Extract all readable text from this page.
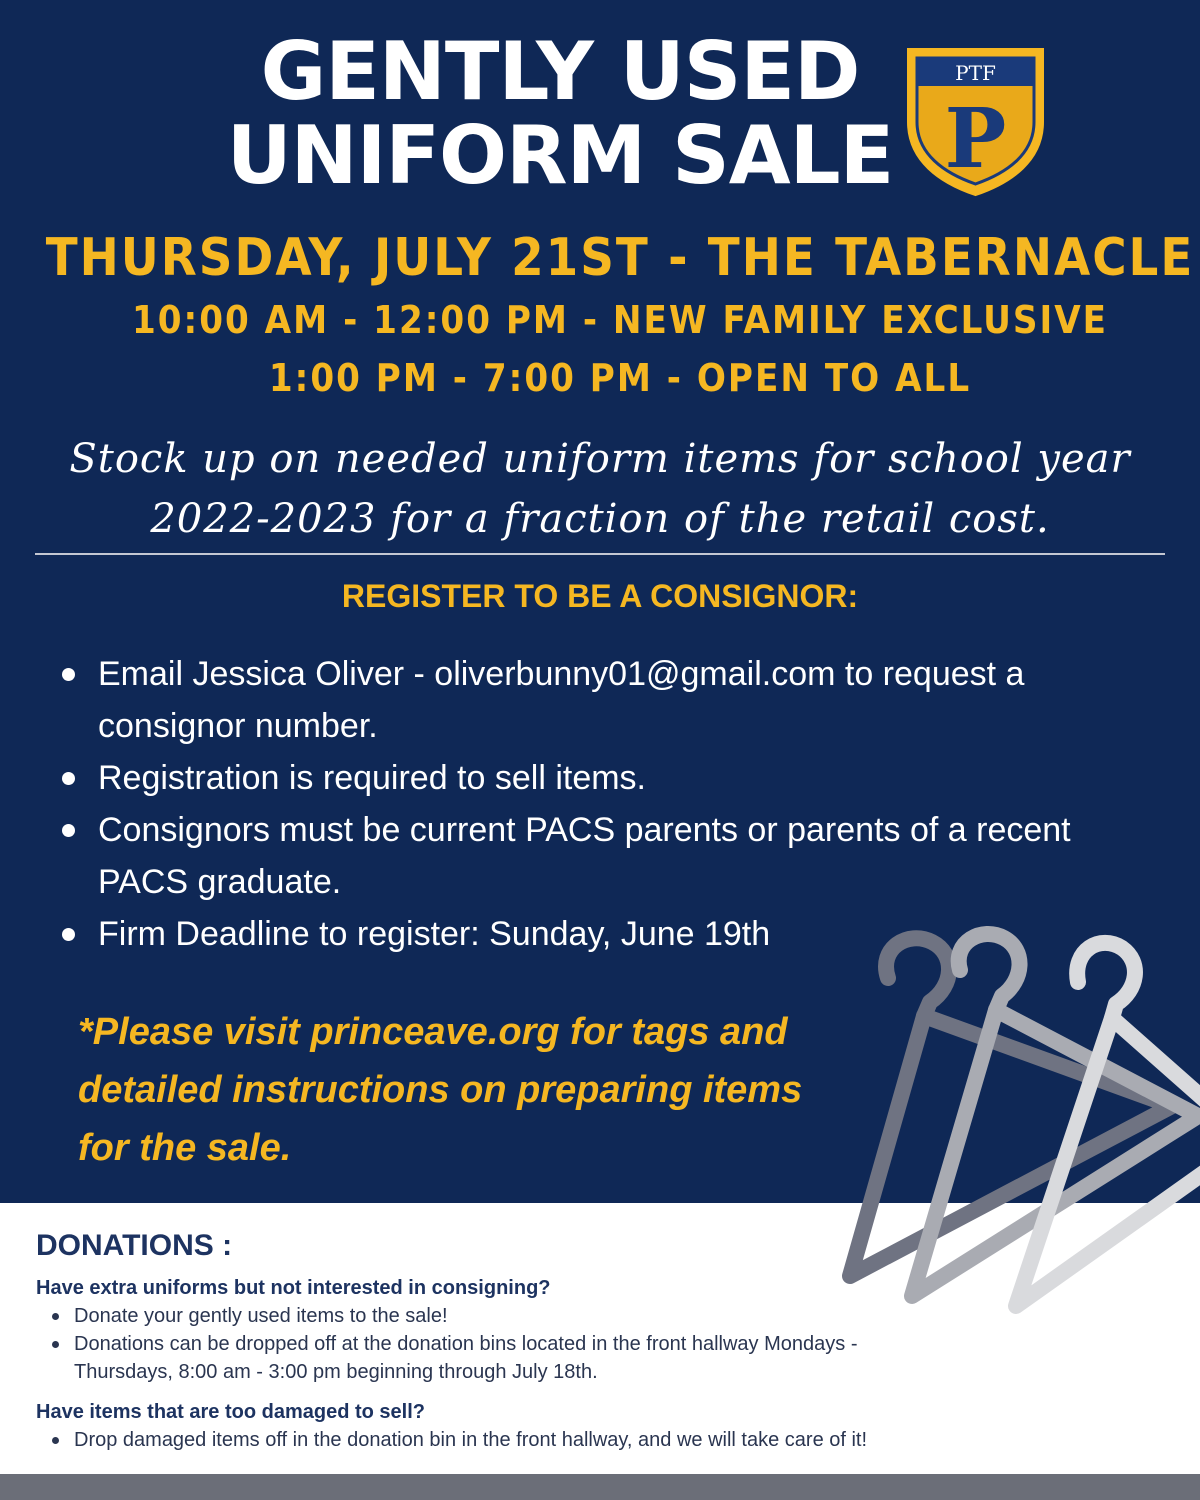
GENTLY USED
UNIFORM SALE
PTF
P
THURSDAY, JULY 21ST - THE TABERNACLE
10:00 AM - 12:00 PM - NEW FAMILY EXCLUSIVE
1:00 PM - 7:00 PM - OPEN TO ALL
Stock up on needed uniform items for school year
2022-2023 for a fraction of the retail cost.
REGISTER TO BE A CONSIGNOR:
Email Jessica Oliver - oliverbunny01@gmail.com to request a consignor number.
Registration is required to sell items.
Consignors must be current PACS parents or parents of a recent PACS graduate.
Firm Deadline to register: Sunday, June 19th
*Please visit princeave.org for tags and detailed instructions on preparing items for the sale.
DONATIONS :
Have extra uniforms but not interested in consigning?
Donate your gently used items to the sale!
Donations can be dropped off at the donation bins located in the front hallway Mondays - Thursdays, 8:00 am - 3:00 pm beginning through July 18th.
Have items that are too damaged to sell?
Drop damaged items off in the donation bin in the front hallway, and we will take care of it!
